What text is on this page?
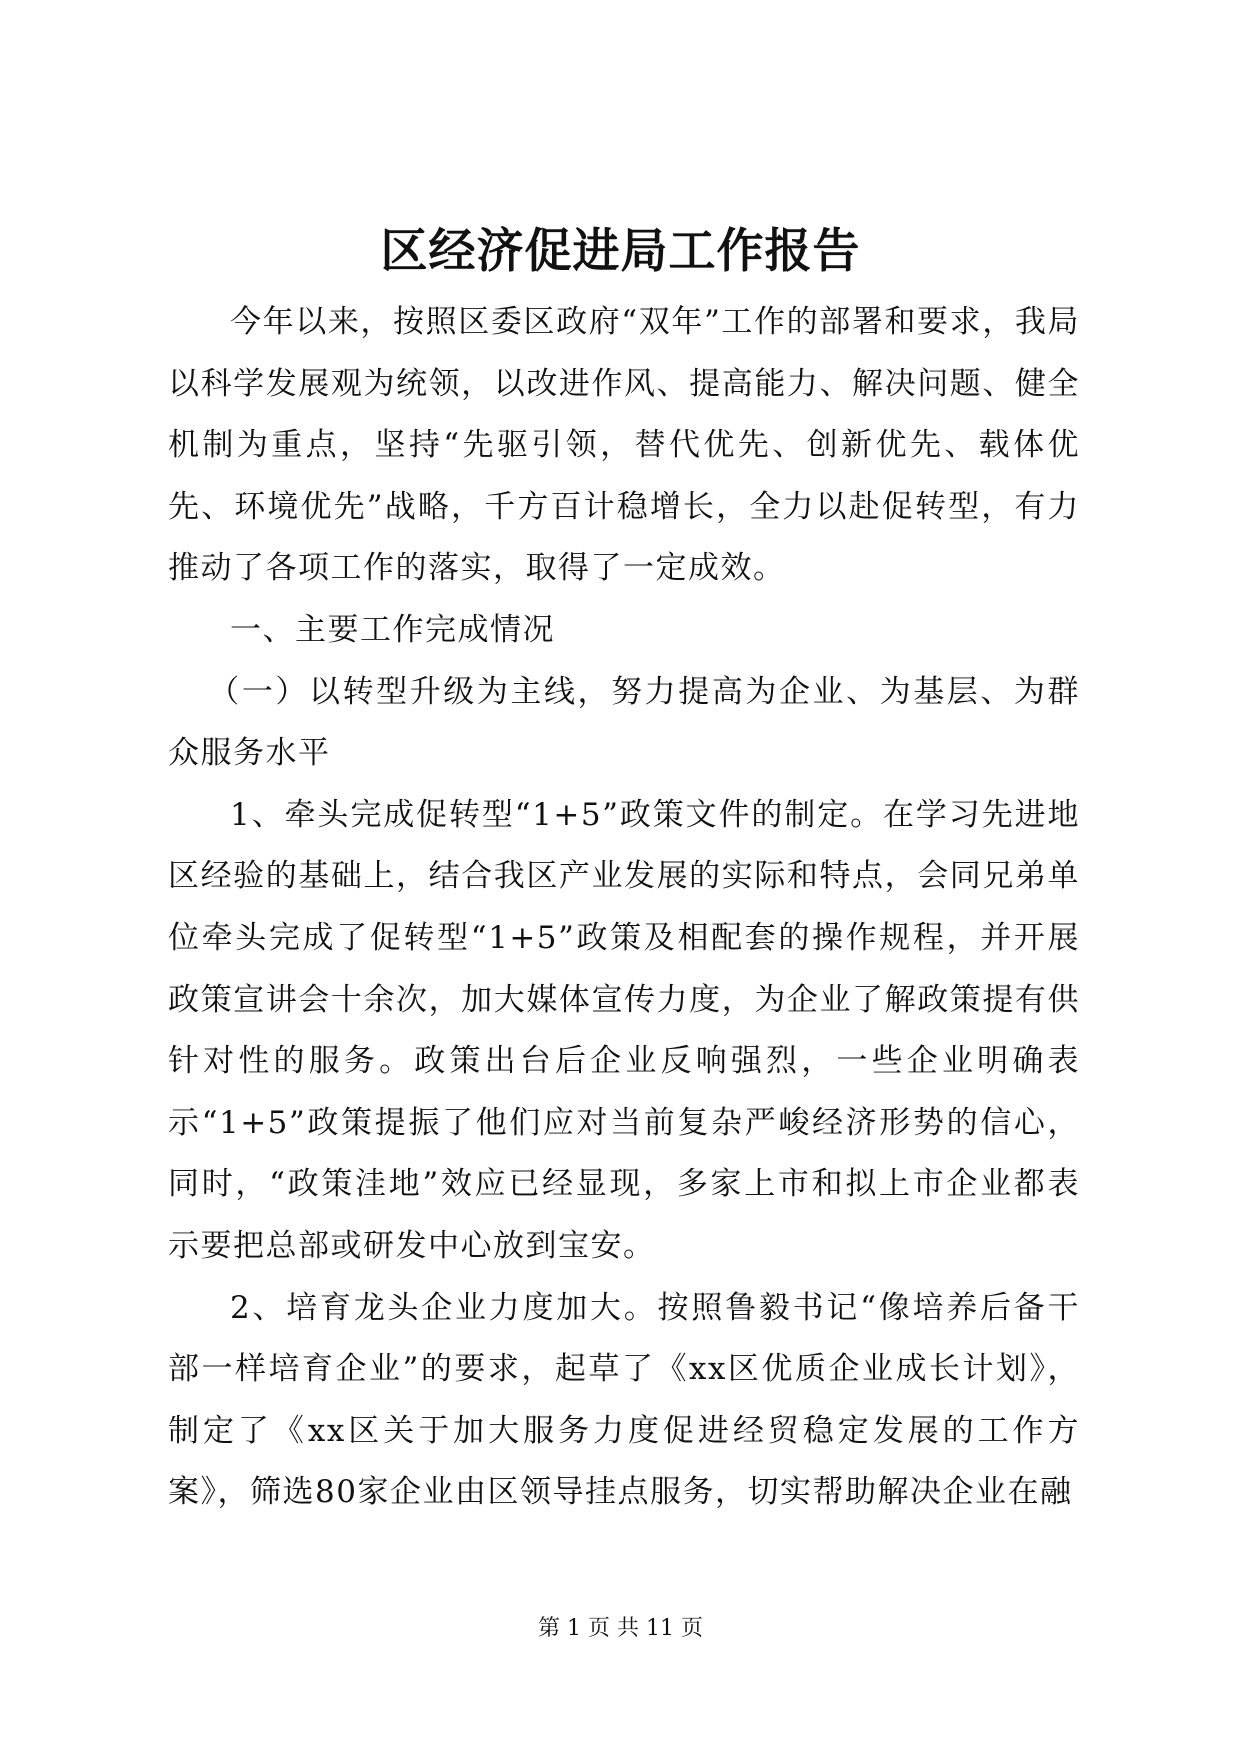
区经济促进局工作报告

今年以来，按照区委区政府“双年”工作的部署和要求，我局以科学发展观为统领，以改进作风、提高能力、解决问题、健全机制为重点，坚持“先驱引领，替代优先、创新优先、载体优先、环境优先”战略，千方百计稳增长，全力以赴促转型，有力推动了各项工作的落实，取得了一定成效。

一、主要工作完成情况

（一）以转型升级为主线，努力提高为企业、为基层、为群众服务水平

1、牵头完成促转型“1+5”政策文件的制定。在学习先进地区经验的基础上，结合我区产业发展的实际和特点，会同兄弟单位牵头完成了促转型“1+5”政策及相配套的操作规程，并开展政策宣讲会十余次，加大媒体宣传力度，为企业了解政策提有供针对性的服务。政策出台后企业反响强烈，一些企业明确表示“1+5”政策提振了他们应对当前复杂严峻经济形势的信心，同时，“政策洼地”效应已经显现，多家上市和拟上市企业都表示要把总部或研发中心放到宝安。

2、培育龙头企业力度加大。按照鲁毅书记“像培养后备干部一样培育企业”的要求，起草了《xx区优质企业成长计划》，制定了《xx区关于加大服务力度促进经贸稳定发展的工作方案》，筛选80家企业由区领导挂点服务，切实帮助解决企业在融

第 1 页 共 11 页
